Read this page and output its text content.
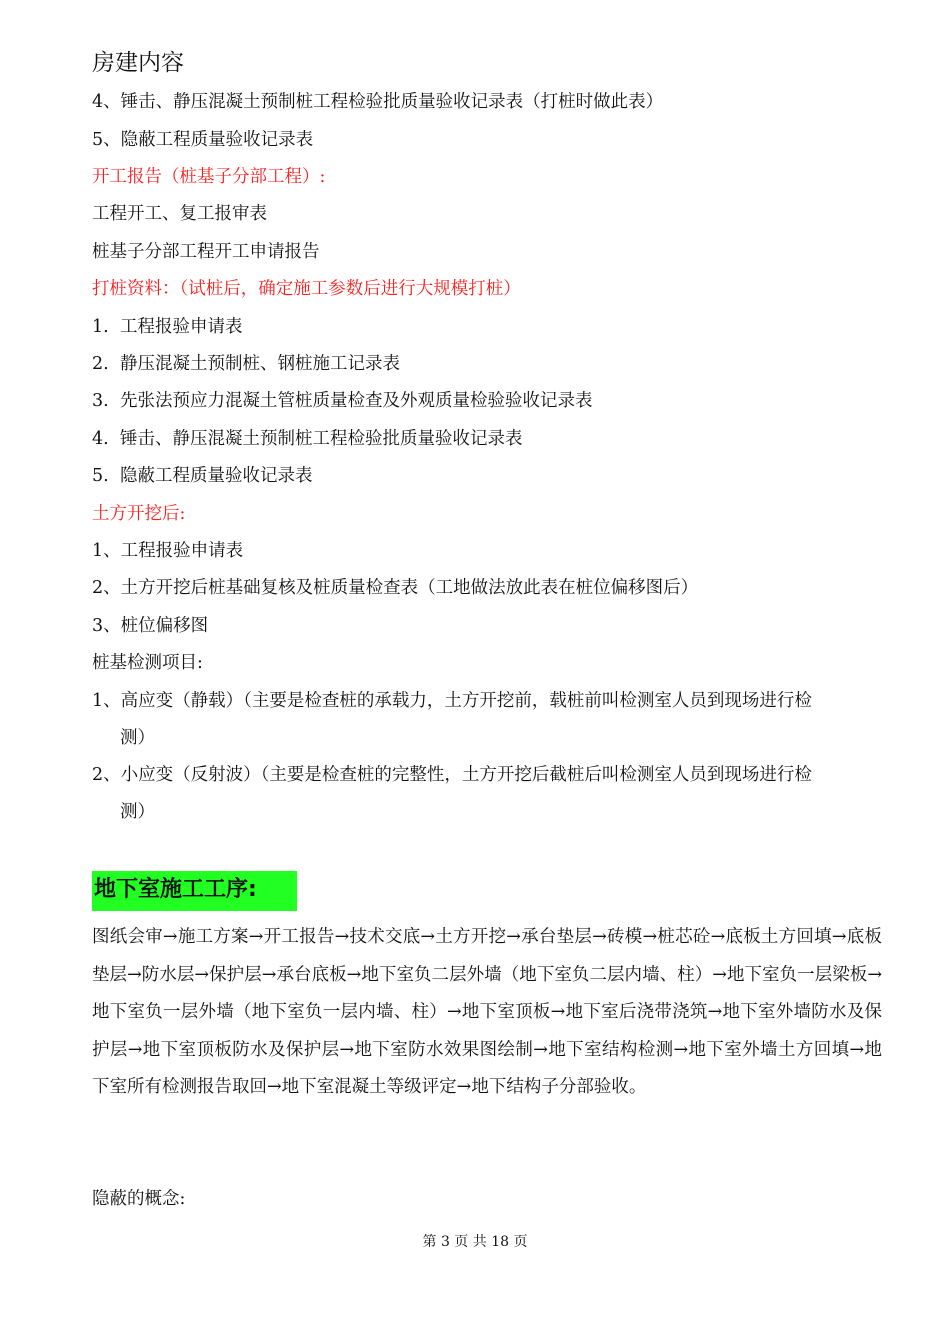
房建内容
4、锤击、静压混凝土预制桩工程检验批质量验收记录表（打桩时做此表）
5、隐蔽工程质量验收记录表
开工报告（桩基子分部工程）:
工程开工、复工报审表
桩基子分部工程开工申请报告
打桩资料：（试桩后，确定施工参数后进行大规模打桩）
1. 工程报验申请表
2. 静压混凝土预制桩、钢桩施工记录表
3. 先张法预应力混凝土管桩质量检查及外观质量检验验收记录表
4. 锤击、静压混凝土预制桩工程检验批质量验收记录表
5. 隐蔽工程质量验收记录表
土方开挖后:
1、工程报验申请表
2、土方开挖后桩基础复核及桩质量检查表（工地做法放此表在桩位偏移图后）
3、桩位偏移图
桩基检测项目:
1、高应变（静载）（主要是检查桩的承载力，土方开挖前，载桩前叫检测室人员到现场进行检
测）
2、小应变（反射波）（主要是检查桩的完整性，土方开挖后截桩后叫检测室人员到现场进行检
测）
地下室施工工序:
图纸会审→施工方案→开工报告→技术交底→土方开挖→承台垫层→砖模→桩芯砼→底板土方回填→底板垫层→防水层→保护层→承台底板→地下室负二层外墙（地下室负二层内墙、柱）→地下室负一层梁板→地下室负一层外墙（地下室负一层内墙、柱）→地下室顶板→地下室后浇带浇筑→地下室外墙防水及保护层→地下室顶板防水及保护层→地下室防水效果图绘制→地下室结构检测→地下室外墙土方回填→地下室所有检测报告取回→地下室混凝土等级评定→地下结构子分部验收。
隐蔽的概念:
第 3 页 共 18 页
